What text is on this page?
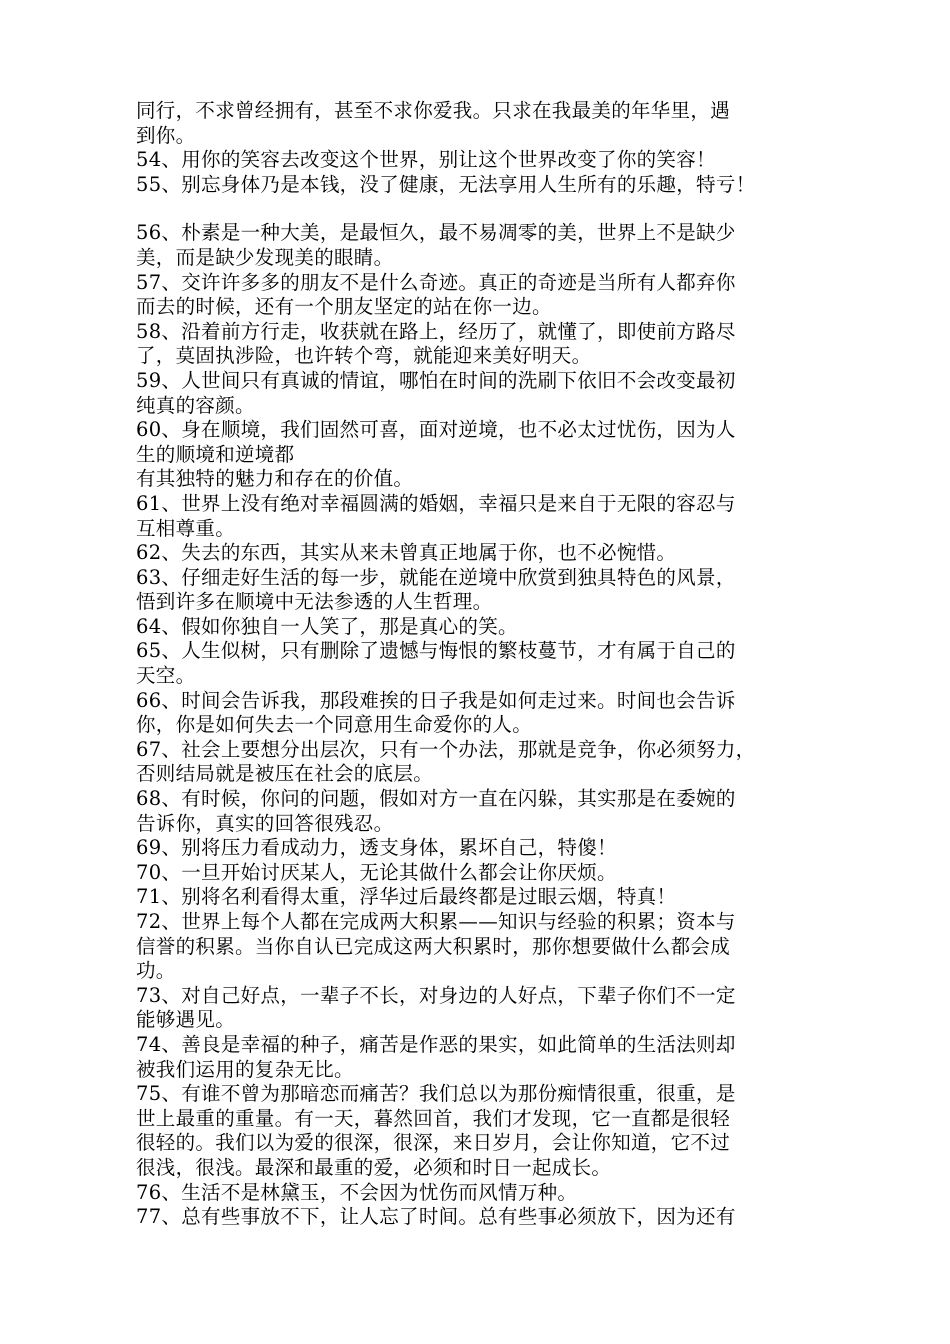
同行，不求曾经拥有，甚至不求你爱我。只求在我最美的年华里，遇
到你。
54、用你的笑容去改变这个世界，别让这个世界改变了你的笑容！
55、别忘身体乃是本钱，没了健康，无法享用人生所有的乐趣，特亏！
56、朴素是一种大美，是最恒久，最不易凋零的美，世界上不是缺少
美，而是缺少发现美的眼睛。
57、交许许多多的朋友不是什么奇迹。真正的奇迹是当所有人都弃你
而去的时候，还有一个朋友坚定的站在你一边。
58、沿着前方行走，收获就在路上，经历了，就懂了，即使前方路尽
了，莫固执涉险，也许转个弯，就能迎来美好明天。
59、人世间只有真诚的情谊，哪怕在时间的洗刷下依旧不会改变最初
纯真的容颜。
60、身在顺境，我们固然可喜，面对逆境，也不必太过忧伤，因为人
生的顺境和逆境都
有其独特的魅力和存在的价值。
61、世界上没有绝对幸福圆满的婚姻，幸福只是来自于无限的容忍与
互相尊重。
62、失去的东西，其实从来未曾真正地属于你，也不必惋惜。
63、仔细走好生活的每一步，就能在逆境中欣赏到独具特色的风景，
悟到许多在顺境中无法参透的人生哲理。
64、假如你独自一人笑了，那是真心的笑。
65、人生似树，只有删除了遗憾与悔恨的繁枝蔓节，才有属于自己的
天空。
66、时间会告诉我，那段难挨的日子我是如何走过来。时间也会告诉
你，你是如何失去一个同意用生命爱你的人。
67、社会上要想分出层次，只有一个办法，那就是竞争，你必须努力，
否则结局就是被压在社会的底层。
68、有时候，你问的问题，假如对方一直在闪躲，其实那是在委婉的
告诉你，真实的回答很残忍。
69、别将压力看成动力，透支身体，累坏自己，特傻！
70、一旦开始讨厌某人，无论其做什么都会让你厌烦。
71、别将名利看得太重，浮华过后最终都是过眼云烟，特真！
72、世界上每个人都在完成两大积累——知识与经验的积累；资本与
信誉的积累。当你自认已完成这两大积累时，那你想要做什么都会成
功。
73、对自己好点，一辈子不长，对身边的人好点，下辈子你们不一定
能够遇见。
74、善良是幸福的种子，痛苦是作恶的果实，如此简单的生活法则却
被我们运用的复杂无比。
75、有谁不曾为那暗恋而痛苦？我们总以为那份痴情很重，很重，是
世上最重的重量。有一天，暮然回首，我们才发现，它一直都是很轻
很轻的。我们以为爱的很深，很深，来日岁月，会让你知道，它不过
很浅，很浅。最深和最重的爱，必须和时日一起成长。
76、生活不是林黛玉，不会因为忧伤而风情万种。
77、总有些事放不下，让人忘了时间。总有些事必须放下，因为还有
